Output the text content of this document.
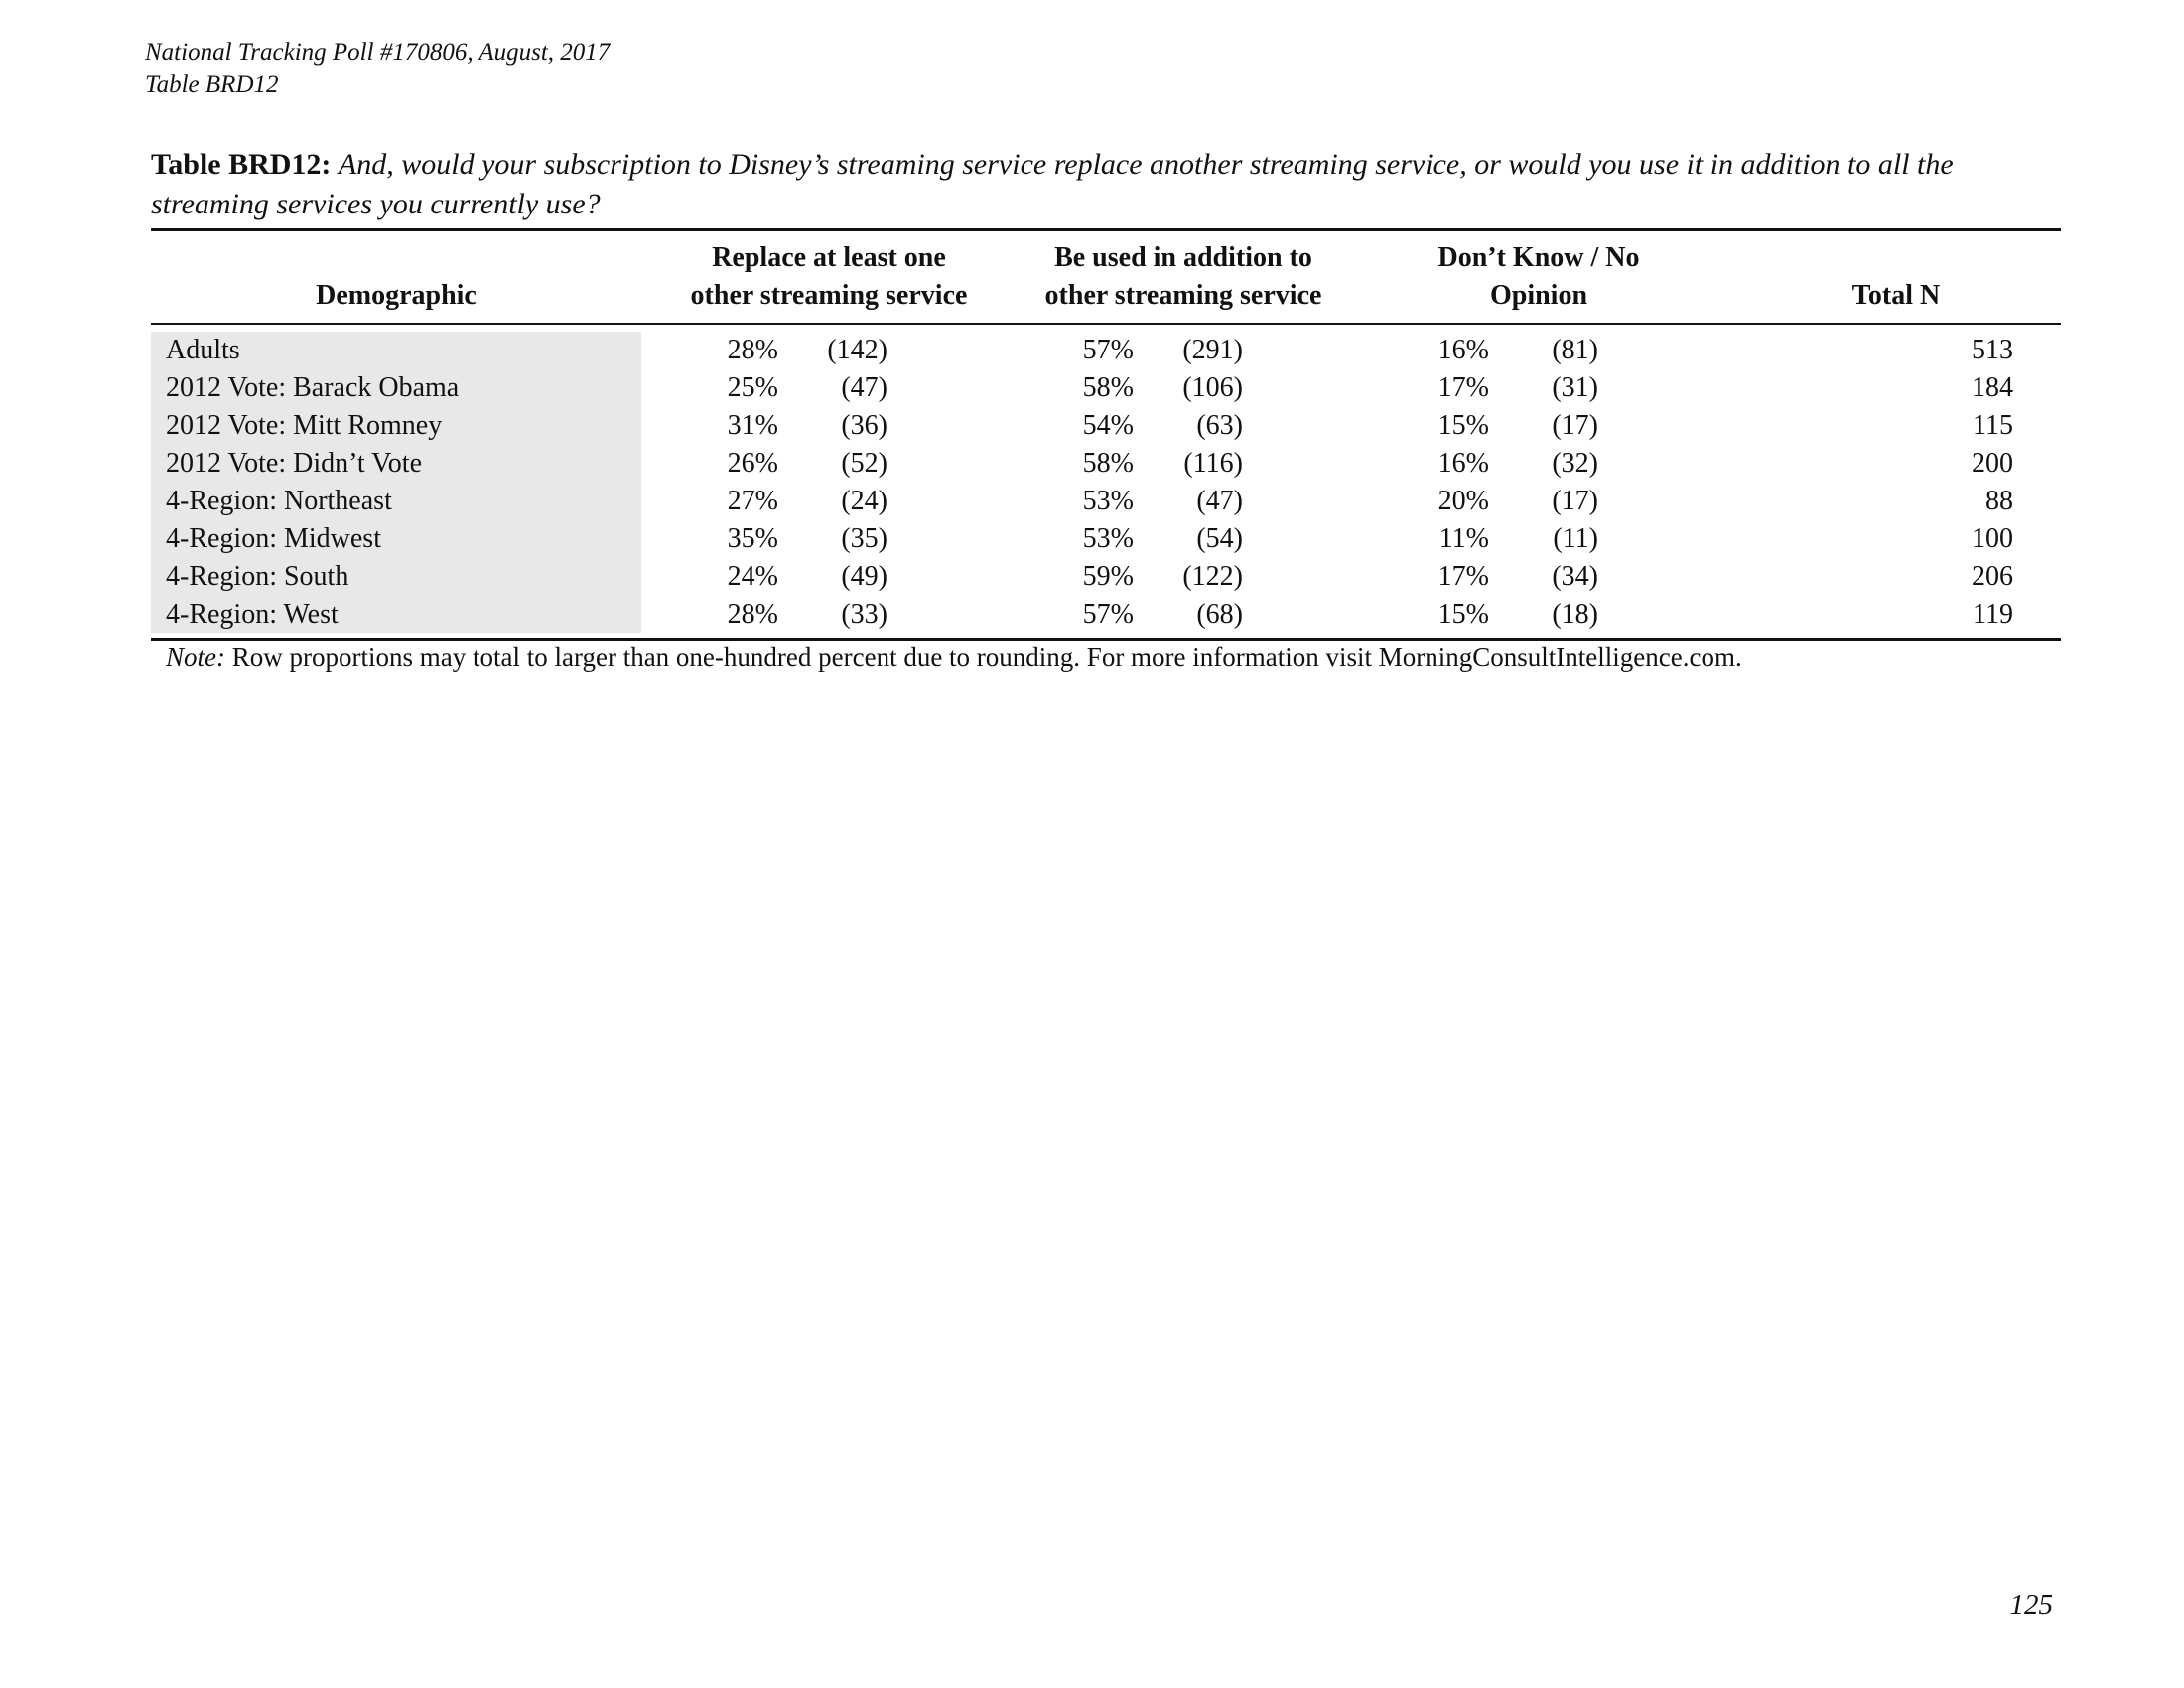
National Tracking Poll #170806, August, 2017
Table BRD12
Table BRD12: And, would your subscription to Disney’s streaming service replace another streaming service, or would you use it in addition to all the streaming services you currently use?
Demographic
Replace at least one
other streaming service
Be used in addition to
other streaming service
Don’t Know / No
Opinion	Total N
Adults	28% (142)	57% (291)	16% (81)	513
2012 Vote: Barack Obama	25% (47)	58% (106)	17% (31)	184
2012 Vote: Mitt Romney	31% (36)	54% (63)	15% (17)	115
2012 Vote: Didn’t Vote	26% (52)	58% (116)	16% (32)	200
4-Region: Northeast	27% (24)	53% (47)	20% (17)	88
4-Region: Midwest	35% (35)	53% (54)	11% (11)	100
4-Region: South	24% (49)	59% (122)	17% (34)	206
4-Region: West	28% (33)	57% (68)	15% (18)	119
Note: Row proportions may total to larger than one-hundred percent due to rounding. For more information visit MorningConsultIntelligence.com.
125
